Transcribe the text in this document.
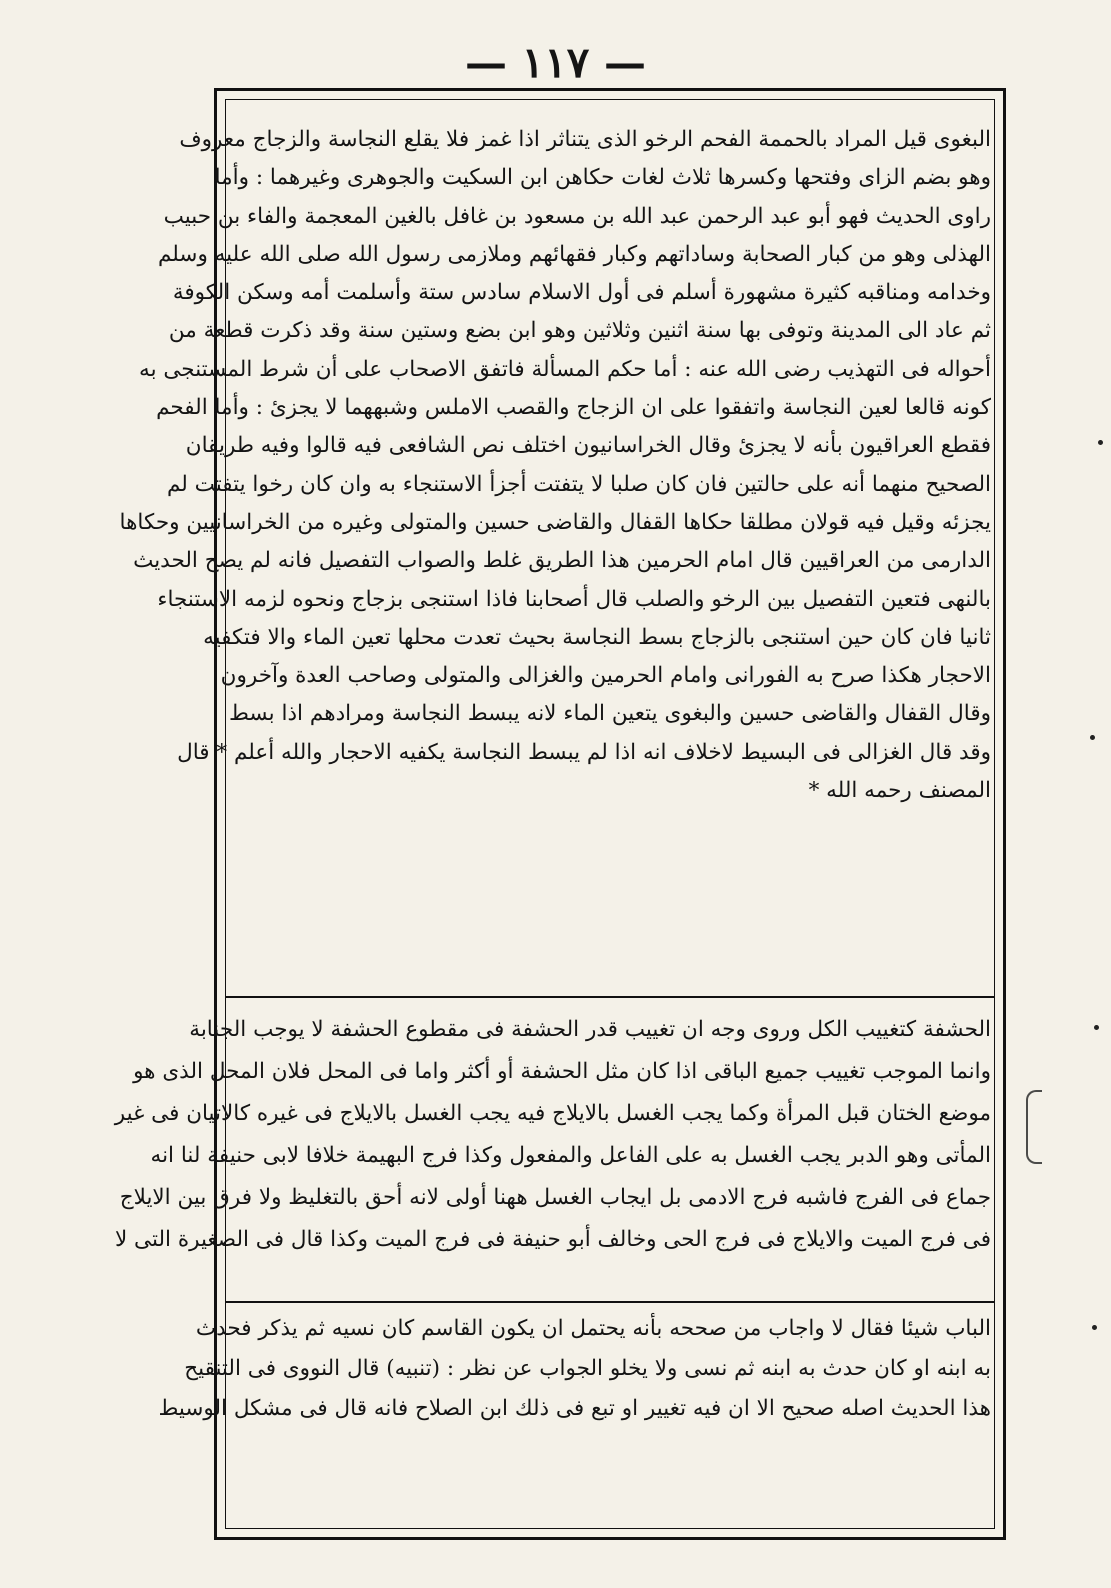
— ١١٧ —
البغوى قيل المراد بالحممة الفحم الرخو الذى يتناثر اذا غمز فلا يقلع النجاسة والزجاج معروف
وهو بضم الزاى وفتحها وكسرها ثلاث لغات حكاهن ابن السكيت والجوهرى وغيرهما : وأما
راوى الحديث فهو أبو عبد الرحمن عبد الله بن مسعود بن غافل بالغين المعجمة والفاء بن حبيب
الهذلى وهو من كبار الصحابة وساداتهم وكبار فقهائهم وملازمى رسول الله صلى الله عليه وسلم
وخدامه ومناقبه كثيرة مشهورة أسلم فى أول الاسلام سادس ستة وأسلمت أمه وسكن الكوفة
ثم عاد الى المدينة وتوفى بها سنة اثنين وثلاثين وهو ابن بضع وستين سنة وقد ذكرت قطعة من
أحواله فى التهذيب رضى الله عنه : أما حكم المسألة فاتفق الاصحاب على أن شرط المستنجى به
كونه قالعا لعين النجاسة واتفقوا على ان الزجاج والقصب الاملس وشبههما لا يجزئ : وأما الفحم
فقطع العراقيون بأنه لا يجزئ وقال الخراسانيون اختلف نص الشافعى فيه قالوا وفيه طريقان
الصحيح منهما أنه على حالتين فان كان صلبا لا يتفتت أجزأ الاستنجاء به وان كان رخوا يتفتت لم
يجزئه وقيل فيه قولان مطلقا حكاها القفال والقاضى حسين والمتولى وغيره من الخراسانيين وحكاها
الدارمى من العراقيين قال امام الحرمين هذا الطريق غلط والصواب التفصيل فانه لم يصح الحديث
بالنهى فتعين التفصيل بين الرخو والصلب قال أصحابنا فاذا استنجى بزجاج ونحوه لزمه الاستنجاء
ثانيا فان كان حين استنجى بالزجاج بسط النجاسة بحيث تعدت محلها تعين الماء والا فتكفيه
الاحجار هكذا صرح به الفورانى وامام الحرمين والغزالى والمتولى وصاحب العدة وآخرون
وقال القفال والقاضى حسين والبغوى يتعين الماء لانه يبسط النجاسة ومرادهم اذا بسط
وقد قال الغزالى فى البسيط لاخلاف انه اذا لم يبسط النجاسة يكفيه الاحجار والله أعلم * قال
المصنف رحمه الله *
الحشفة كتغييب الكل وروى وجه ان تغييب قدر الحشفة فى مقطوع الحشفة لا يوجب الجنابة
وانما الموجب تغييب جميع الباقى اذا كان مثل الحشفة أو أكثر واما فى المحل فلان المحل الذى هو
موضع الختان قبل المرأة وكما يجب الغسل بالايلاج فيه يجب الغسل بالايلاج فى غيره كالاتيان فى غير
المأتى وهو الدبر يجب الغسل به على الفاعل والمفعول وكذا فرج البهيمة خلافا لابى حنيفة لنا انه
جماع فى الفرج فاشبه فرج الادمى بل ايجاب الغسل ههنا أولى لانه أحق بالتغليظ ولا فرق بين الايلاج
فى فرج الميت والايلاج فى فرج الحى وخالف أبو حنيفة فى فرج الميت وكذا قال فى الصغيرة التى لا
الباب شيئا فقال لا واجاب من صححه بأنه يحتمل ان يكون القاسم كان نسيه ثم يذكر فحدث
به ابنه او كان حدث به ابنه ثم نسى ولا يخلو الجواب عن نظر : (تنبيه) قال النووى فى التنقيح
هذا الحديث اصله صحيح الا ان فيه تغيير او تبع فى ذلك ابن الصلاح فانه قال فى مشكل الوسيط
